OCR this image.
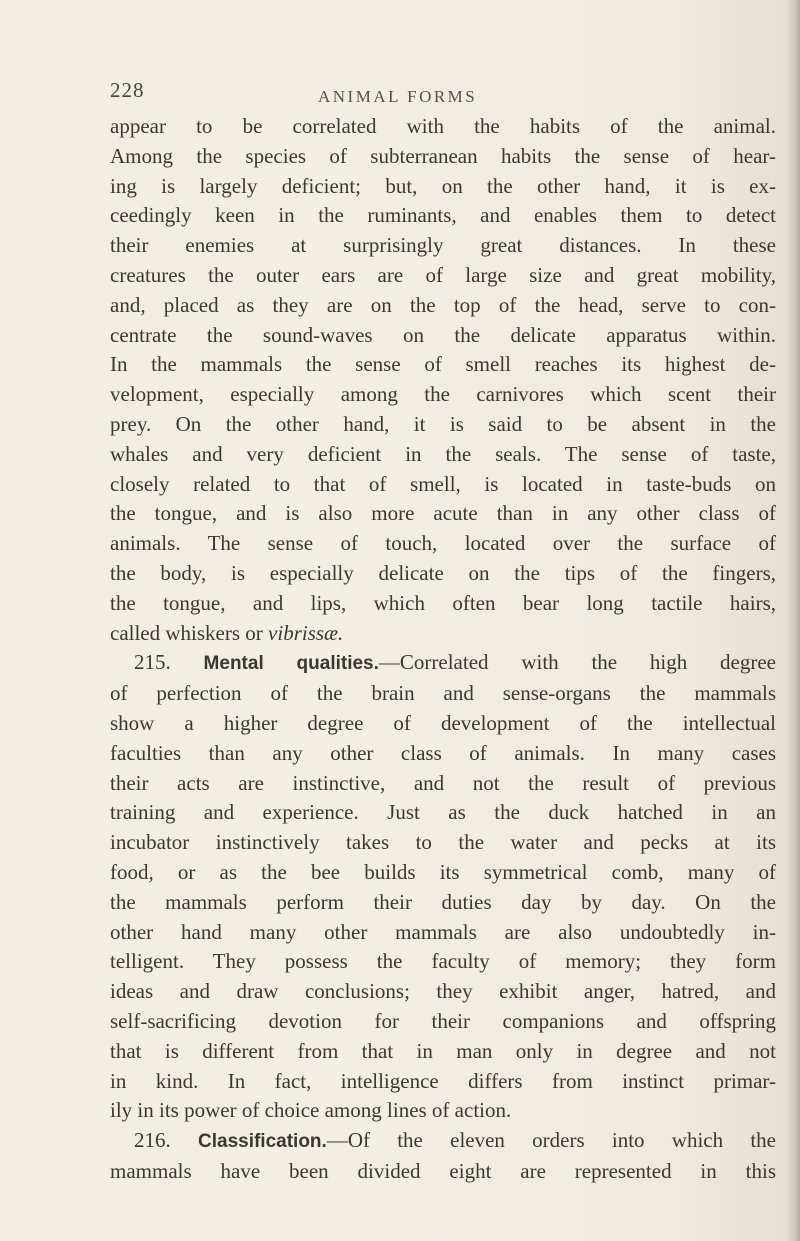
228	ANIMAL FORMS
appear to be correlated with the habits of the animal.
Among the species of subterranean habits the sense of hear-
ing is largely deficient; but, on the other hand, it is ex-
ceedingly keen in the ruminants, and enables them to detect
their enemies at surprisingly great distances. In these
creatures the outer ears are of large size and great mobility,
and, placed as they are on the top of the head, serve to con-
centrate the sound-waves on the delicate apparatus within.
In the mammals the sense of smell reaches its highest de-
velopment, especially among the carnivores which scent their
prey. On the other hand, it is said to be absent in the
whales and very deficient in the seals. The sense of taste,
closely related to that of smell, is located in taste-buds on
the tongue, and is also more acute than in any other class of
animals. The sense of touch, located over the surface of
the body, is especially delicate on the tips of the fingers,
the tongue, and lips, which often bear long tactile hairs,
called whiskers or vibrissæ.
215. Mental qualities.—Correlated with the high degree
of perfection of the brain and sense-organs the mammals
show a higher degree of development of the intellectual
faculties than any other class of animals. In many cases
their acts are instinctive, and not the result of previous
training and experience. Just as the duck hatched in an
incubator instinctively takes to the water and pecks at its
food, or as the bee builds its symmetrical comb, many of
the mammals perform their duties day by day. On the
other hand many other mammals are also undoubtedly in-
telligent. They possess the faculty of memory; they form
ideas and draw conclusions; they exhibit anger, hatred, and
self-sacrificing devotion for their companions and offspring
that is different from that in man only in degree and not
in kind. In fact, intelligence differs from instinct primar-
ily in its power of choice among lines of action.
216. Classification.—Of the eleven orders into which the
mammals have been divided eight are represented in this
